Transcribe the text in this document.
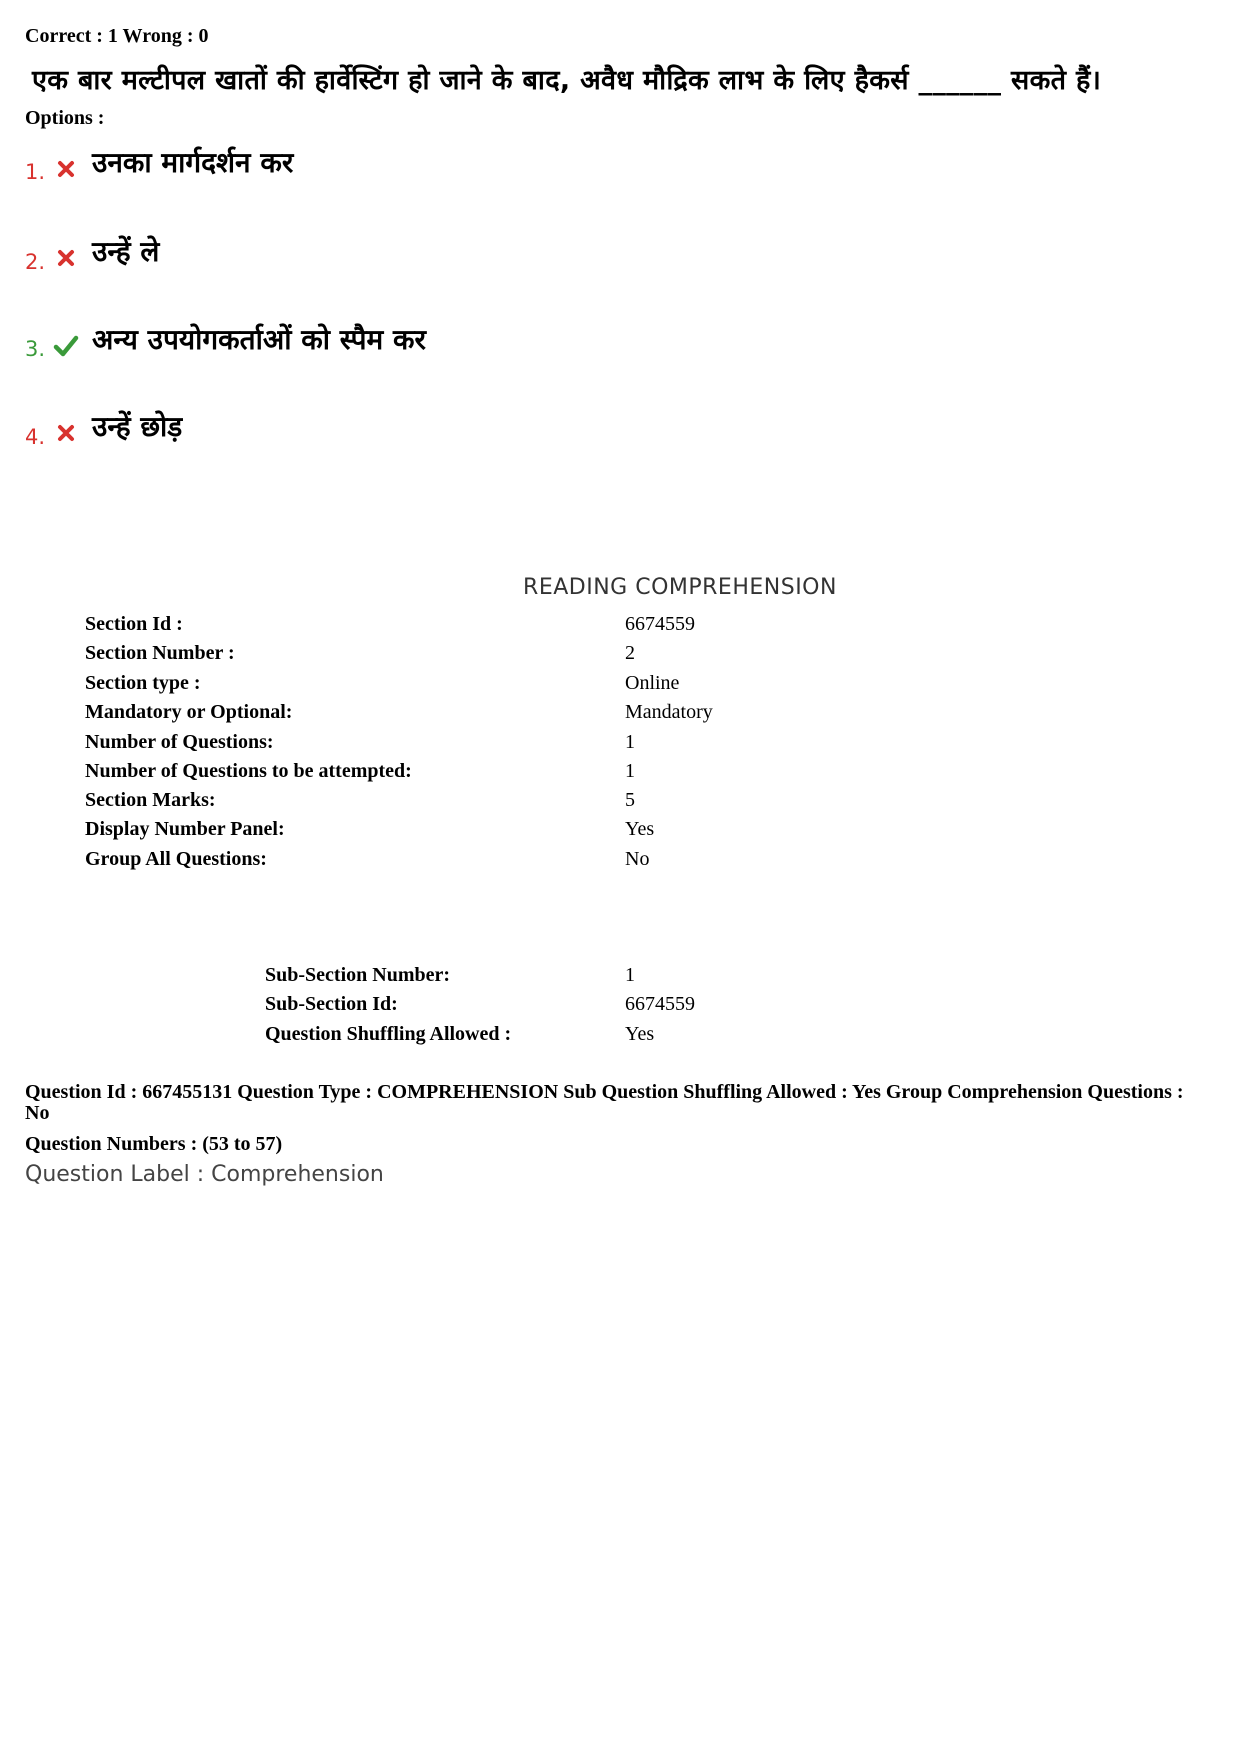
Correct : 1 Wrong : 0
एक बार मल्टीपल खातों की हार्वेस्टिंग हो जाने के बाद, अवैध मौद्रिक लाभ के लिए हैकर्स ______ सकते हैं।
Options :
1. उनका मार्गदर्शन कर
2. उन्हें ले
3. अन्य उपयोगकर्ताओं को स्पैम कर
4. उन्हें छोड़
READING COMPREHENSION
Section Id :	6674559
Section Number :	2
Section type :	Online
Mandatory or Optional:	Mandatory
Number of Questions:	1
Number of Questions to be attempted:	1
Section Marks:	5
Display Number Panel:	Yes
Group All Questions:	No
Sub-Section Number:	1
Sub-Section Id:	6674559
Question Shuffling Allowed :	Yes
Question Id : 667455131 Question Type : COMPREHENSION Sub Question Shuffling Allowed : Yes Group Comprehension Questions : No
Question Numbers : (53 to 57)
Question Label : Comprehension
